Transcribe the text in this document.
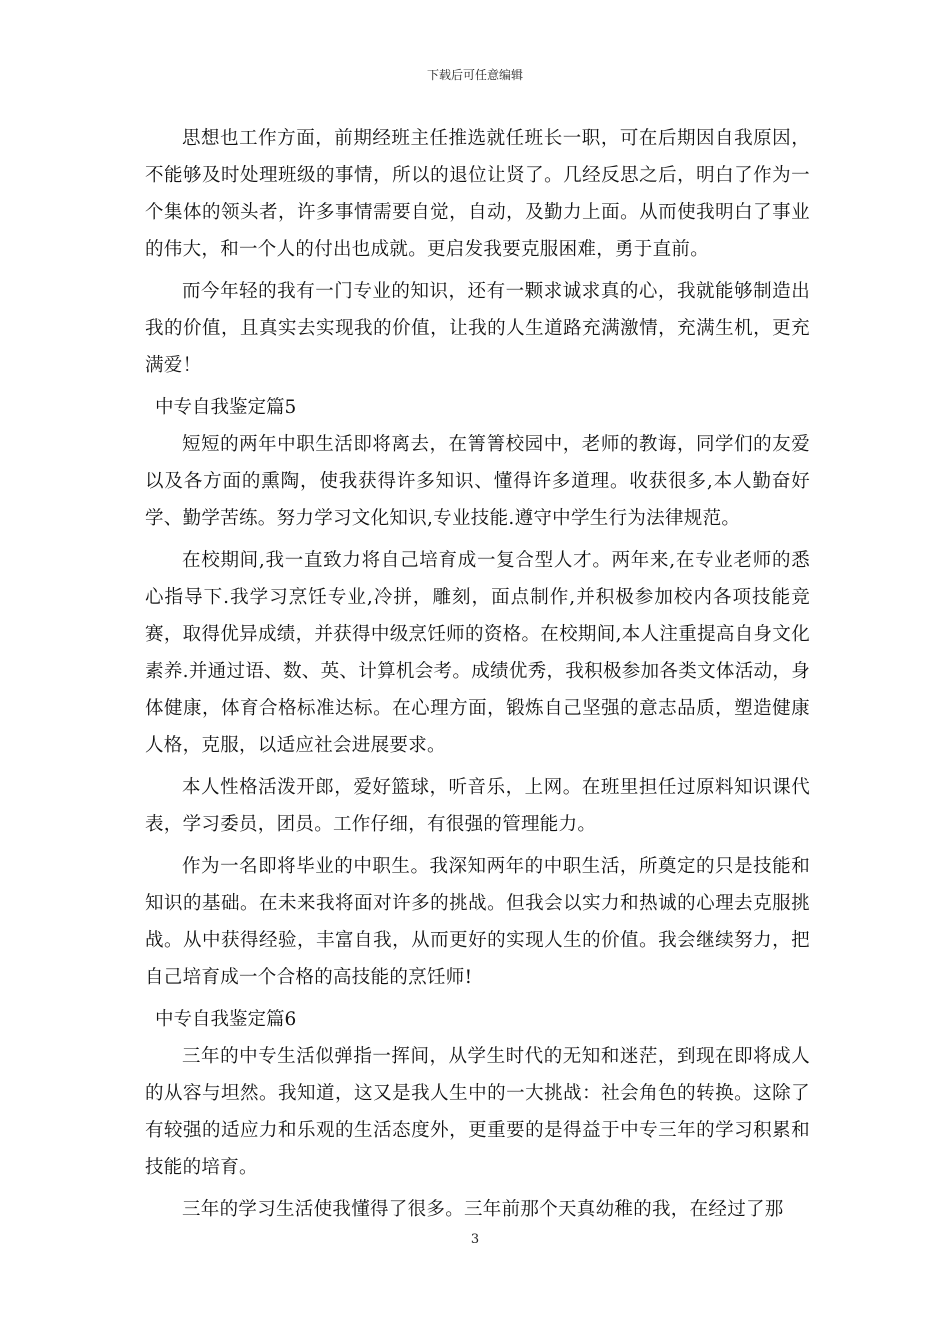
下载后可任意编辑

思想也工作方面，前期经班主任推选就任班长一职，可在后期因自我原因，不能够及时处理班级的事情，所以的退位让贤了。几经反思之后，明白了作为一个集体的领头者，许多事情需要自觉，自动，及勤力上面。从而使我明白了事业的伟大，和一个人的付出也成就。更启发我要克服困难，勇于直前。

而今年轻的我有一门专业的知识，还有一颗求诚求真的心，我就能够制造出我的价值，且真实去实现我的价值，让我的人生道路充满激情，充满生机，更充满爱！

中专自我鉴定篇5

短短的两年中职生活即将离去，在箐箐校园中，老师的教诲，同学们的友爱以及各方面的熏陶，使我获得许多知识、懂得许多道理。收获很多,本人勤奋好学、勤学苦练。努力学习文化知识,专业技能.遵守中学生行为法律规范。

在校期间,我一直致力将自己培育成一复合型人才。两年来,在专业老师的悉心指导下.我学习烹饪专业,冷拼，雕刻，面点制作,并积极参加校内各项技能竞赛，取得优异成绩，并获得中级烹饪师的资格。在校期间,本人注重提高自身文化素养.并通过语、数、英、计算机会考。成绩优秀，我积极参加各类文体活动，身体健康，体育合格标准达标。在心理方面，锻炼自己坚强的意志品质，塑造健康人格，克服，以适应社会进展要求。

本人性格活泼开郎，爱好篮球，听音乐，上网。在班里担任过原料知识课代表，学习委员，团员。工作仔细，有很强的管理能力。

作为一名即将毕业的中职生。我深知两年的中职生活，所奠定的只是技能和知识的基础。在未来我将面对许多的挑战。但我会以实力和热诚的心理去克服挑战。从中获得经验，丰富自我，从而更好的实现人生的价值。我会继续努力，把自己培育成一个合格的高技能的烹饪师!

中专自我鉴定篇6

三年的中专生活似弹指一挥间，从学生时代的无知和迷茫，到现在即将成人的从容与坦然。我知道，这又是我人生中的一大挑战：社会角色的转换。这除了有较强的适应力和乐观的生活态度外，更重要的是得益于中专三年的学习积累和技能的培育。

三年的学习生活使我懂得了很多。三年前那个天真幼稚的我，在经过了那

3
